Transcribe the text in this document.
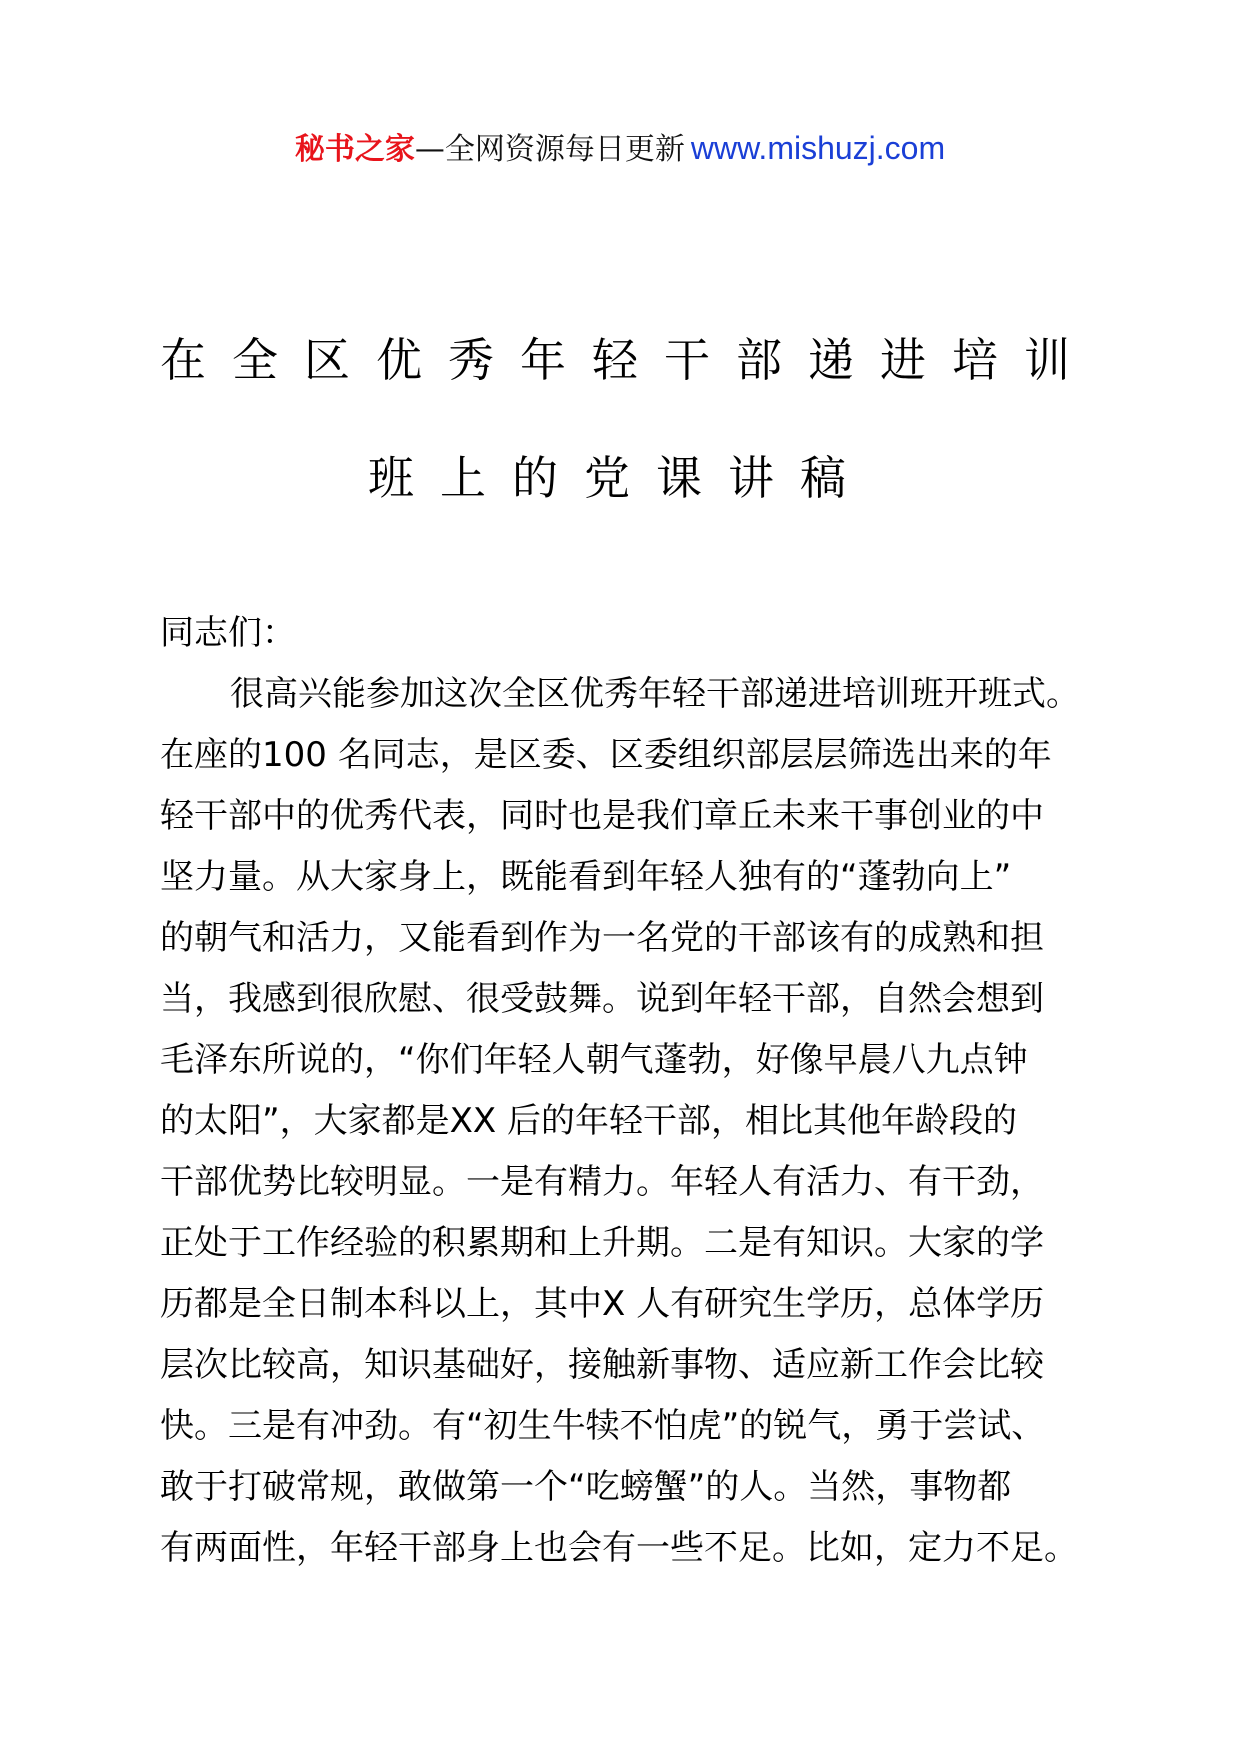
秘书之家—全网资源每日更新 www.mishuzj.com
在全区优秀年轻干部递进培训
班上的党课讲稿

同志们：

很高兴能参加这次全区优秀年轻干部递进培训班开班式。

在座的100 名同志，是区委、区委组织部层层筛选出来的年

轻干部中的优秀代表，同时也是我们章丘未来干事创业的中

坚力量。从大家身上，既能看到年轻人独有的“蓬勃向上”

的朝气和活力，又能看到作为一名党的干部该有的成熟和担

当，我感到很欣慰、很受鼓舞。说到年轻干部，自然会想到

毛泽东所说的，“你们年轻人朝气蓬勃，好像早晨八九点钟

的太阳”，大家都是XX 后的年轻干部，相比其他年龄段的

干部优势比较明显。一是有精力。年轻人有活力、有干劲，

正处于工作经验的积累期和上升期。二是有知识。大家的学

历都是全日制本科以上，其中X 人有研究生学历，总体学历

层次比较高，知识基础好，接触新事物、适应新工作会比较

快。三是有冲劲。有“初生牛犊不怕虎”的锐气，勇于尝试、

敢于打破常规，敢做第一个“吃螃蟹”的人。当然，事物都

有两面性，年轻干部身上也会有一些不足。比如，定力不足。
